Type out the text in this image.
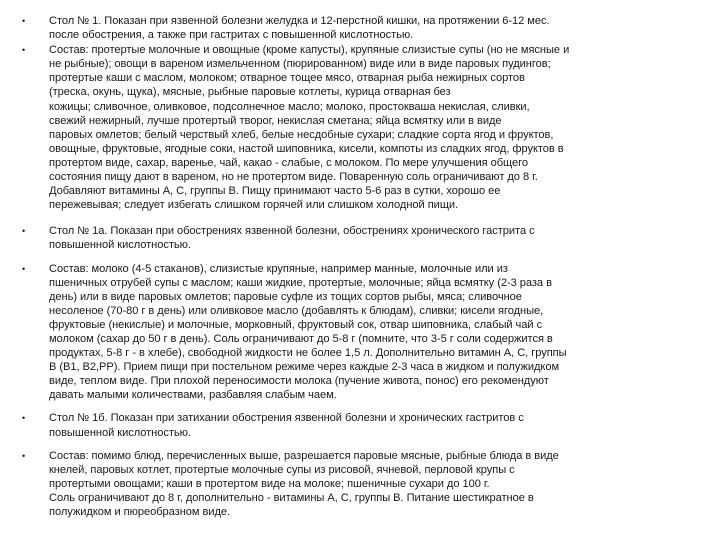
• Стол № 1. Показан при язвенной болезни желудка и 12-перстной кишки, на протяжении 6-12 мес.
после обострения, а также при гастритах с повышенной кислотностью.
• Состав: протертые молочные и овощные (кроме капусты), крупяные слизистые супы (но не мясные и
не рыбные); овощи в вареном измельченном (пюрированном) виде или в виде паровых пудингов;
протертые каши с маслом, молоком; отварное тощее мясо, отварная рыба нежирных сортов
(треска, окунь, щука), мясные, рыбные паровые котлеты, курица отварная без
кожицы; сливочное, оливковое, подсолнечное масло; молоко, простокваша некислая, сливки,
свежий нежирный, лучше протертый творог, некислая сметана; яйца всмятку или в виде
паровых омлетов; белый черствый хлеб, белые несдобные сухари; сладкие сорта ягод и фруктов,
овощные, фруктовые, ягодные соки, настой шиповника, кисели, компоты из сладких ягод, фруктов в
протертом виде, сахар, варенье, чай, какао - слабые, с молоком. По мере улучшения общего
состояния пищу дают в вареном, но не протертом виде. Поваренную соль ограничивают до 8 г.
Добавляют витамины А, С, группы В. Пищу принимают часто 5-6 раз в сутки, хорошо ее
пережевывая; следует избегать слишком горячей или слишком холодной пищи.
• Стол № 1а. Показан при обострениях язвенной болезни, обострениях хронического гастрита с
повышенной кислотностью.
• Состав: молоко (4-5 стаканов), слизистые крупяные, например манные, молочные или из
пшеничных отрубей супы с маслом; каши жидкие, протертые, молочные; яйца всмятку (2-3 раза в
день) или в виде паровых омлетов; паровые суфле из тощих сортов рыбы, мяса; сливочное
несоленое (70-80 г в день) или оливковое масло (добавлять к блюдам), сливки; кисели ягодные,
фруктовые (некислые) и молочные, морковный, фруктовый сок, отвар шиповника, слабый чай с
молоком (сахар до 50 г в день). Соль ограничивают до 5-8 г (помните, что 3-5 г соли содержится в
продуктах, 5-8 г - в хлебе), свободной жидкости не более 1,5 л. Дополнительно витамин А, С, группы
В (В1, В2,РР). Прием пищи при постельном режиме через каждые 2-3 часа в жидком и полужидком
виде, теплом виде. При плохой переносимости молока (пучение живота, понос) его рекомендуют
давать малыми количествами, разбавляя слабым чаем.
• Стол № 1б. Показан при затихании обострения язвенной болезни и хронических гастритов с
повышенной кислотностью.
• Состав: помимо блюд, перечисленных выше, разрешается паровые мясные, рыбные блюда в виде
кнелей, паровых котлет, протертые молочные супы из рисовой, ячневой, перловой крупы с
протертыми овощами; каши в протертом виде на молоке; пшеничные сухари до 100 г.
Соль ограничивают до 8 г, дополнительно - витамины А, С, группы В. Питание шестикратное в
полужидком и пюреобразном виде.
